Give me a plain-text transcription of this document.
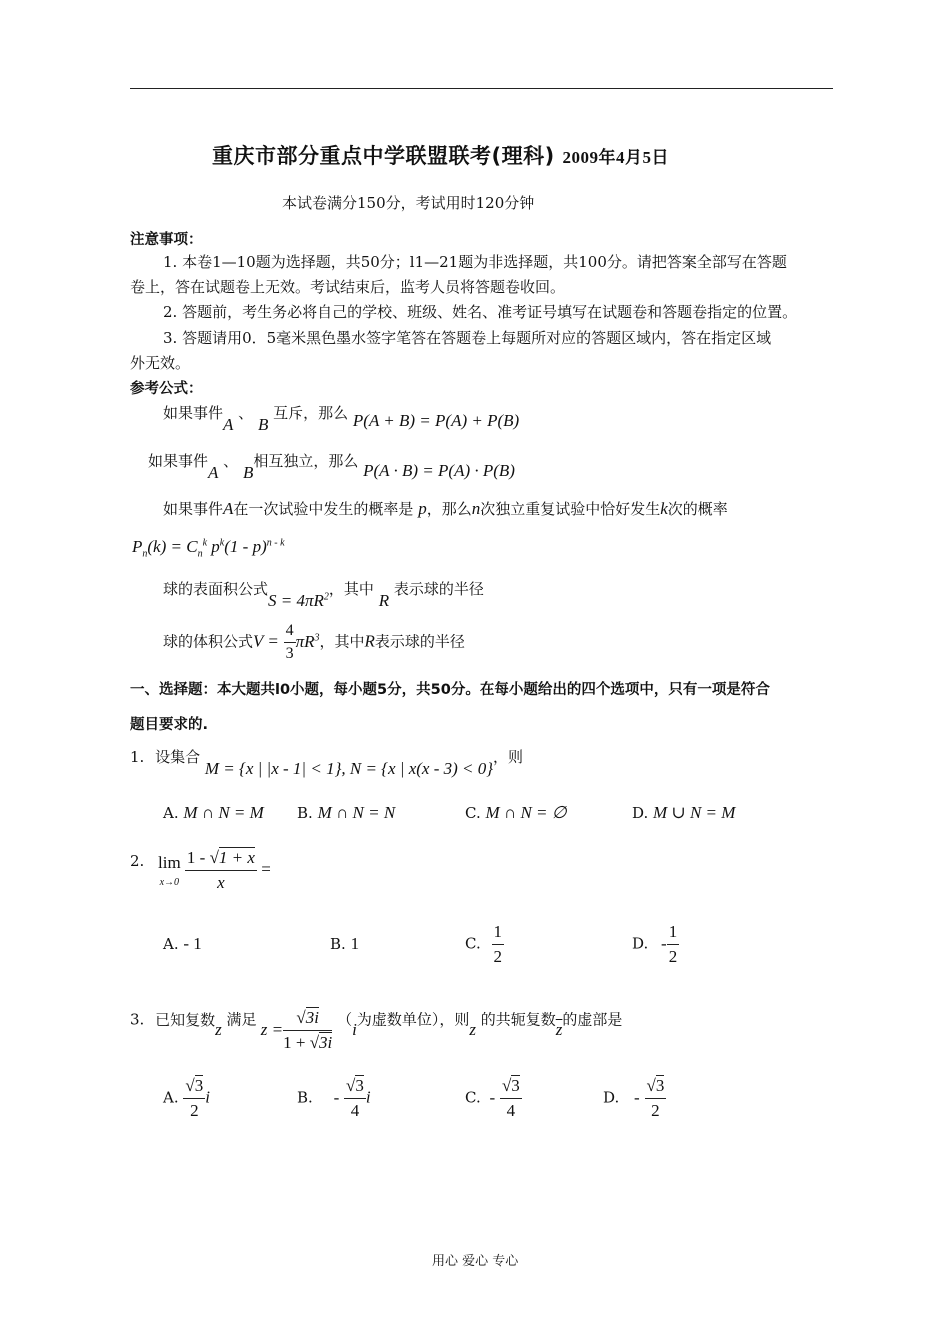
重庆市部分重点中学联盟联考(理科) 2009年4月5日
本试卷满分150分，考试用时120分钟
注意事项：
1. 本卷1—10题为选择题，共50分；l1—21题为非选择题，共100分。请把答案全部写在答题
卷上，答在试题卷上无效。考试结束后，监考人员将答题卷收回。
2. 答题前，考生务必将自己的学校、班级、姓名、准考证号填写在试题卷和答题卷指定的位置。
3. 答题请用0．5毫米黑色墨水签字笔答在答题卷上每题所对应的答题区域内，答在指定区域
外无效。
参考公式：
如果事件A 、 B 互斥，那么 P(A + B) = P(A) + P(B)
如果事件A 、 B相互独立，那么 P(A · B) = P(A) · P(B)
如果事件A在一次试验中发生的概率是 p，那么n次独立重复试验中恰好发生k次的概率
$P_n(k) = C_n^k$ $p^k(1 - p)^{n - k}$
球的表面积公式$S = 4\pi R^2$，其中 R 表示球的半径
球的体积公式$V = \frac{4}{3} \pi R^3$，其中R表示球的半径
一、选择题：本大题共l0小题，每小题5分，共50分。在每小题给出的四个选项中，只有一项是符合
题目要求的.
1. 设集合 M = {x | |x - 1| < 1}, N = {x | x(x - 3) < 0}，则
A. M ∩ N = M B. M ∩ N = N	C. M ∩ N = ∅	D. M ∪ N = M
2. lim
$x\to 0 \frac{1 - √1 + x}{x}$ =
A. - 1	B. 1	C. $\frac{1}{2}$	D. - $\frac{1}{2}$
3. 已知复数z 满足 $z = \frac{√3i}{1 + √3i} (i$为虚数单位），则z 的共轭复数$\overline{z}$的虚部是
A. $\frac{√3}{2}$ i	B. - $\frac{√3}{4}$ i	C. - $\frac{√3}{4}$	D. - $\frac{√3}{2}$
用心 爱心 专心
